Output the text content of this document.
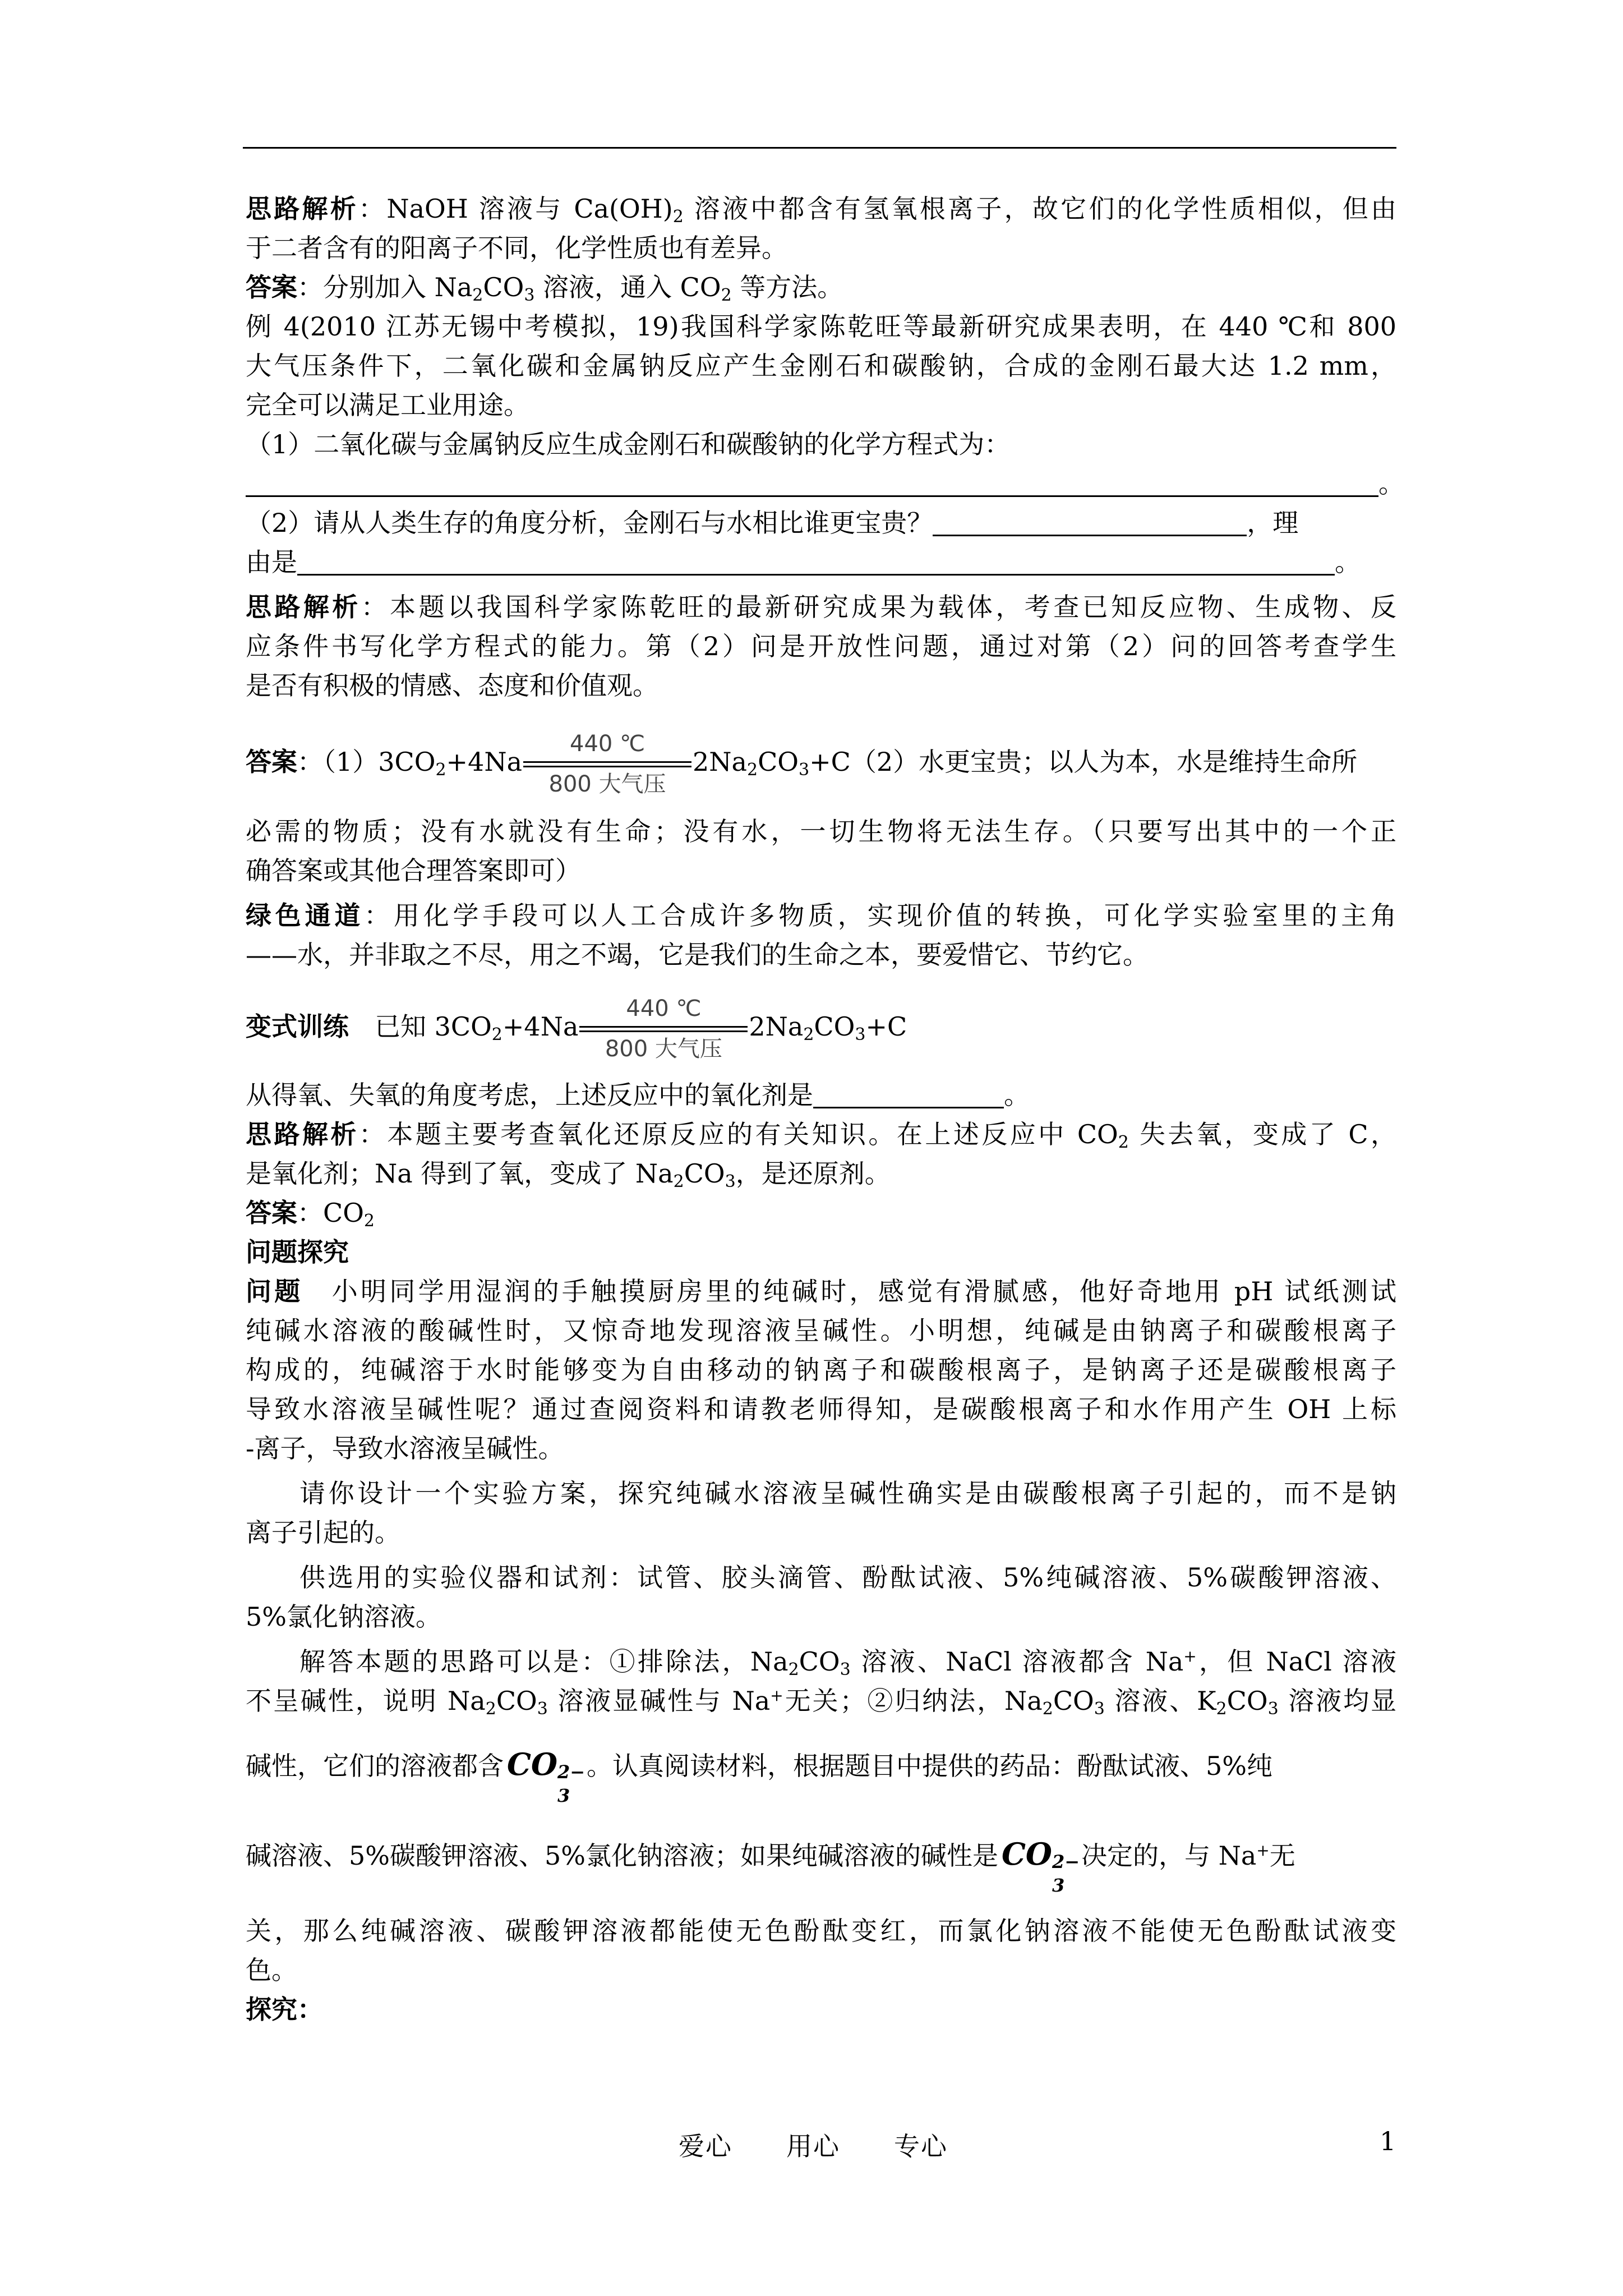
思路解析：NaOH 溶液与 $Ca(OH)_2$ 溶液中都含有氢氧根离子，故它们的化学性质相似，但由
于二者含有的阳离子不同，化学性质也有差异。
答案：分别加入 $Na_2CO_3$ 溶液，通入 $CO_2$ 等方法。
例 4(2010 江苏无锡中考模拟，19)我国科学家陈乾旺等最新研究成果表明，在 440 ℃和 800
大气压条件下，二氧化碳和金属钠反应产生金刚石和碳酸钠，合成的金刚石最大达 1.2 mm，
完全可以满足工业用途。
（1）二氧化碳与金属钠反应生成金刚石和碳酸钠的化学方程式为：
。
（2）请从人类生存的角度分析，金刚石与水相比谁更宝贵？	，理
由是	。
思路解析：本题以我国科学家陈乾旺的最新研究成果为载体，考查已知反应物、生成物、反
应条件书写化学方程式的能力。第（2）问是开放性问题，通过对第（2）问的回答考查学生
是否有积极的情感、态度和价值观。
答案：$(1)3CO_2+4Na$
440 ℃
800 大气压
$2Na_2CO_3+C(2)$水更宝贵；以人为本，水是维持生命所
必需的物质；没有水就没有生命；没有水，一切生物将无法生存。（只要写出其中的一个正
确答案或其他合理答案即可）
绿色通道：用化学手段可以人工合成许多物质，实现价值的转换，可化学实验室里的主角
——水，并非取之不尽，用之不竭，它是我们的生命之本，要爱惜它、节约它。
变式训练　已知 $3CO_2+4Na$
440 ℃
800 大气压
$2Na_2CO_3+C$
从得氧、失氧的角度考虑，上述反应中的氧化剂是	。
思路解析：本题主要考查氧化还原反应的有关知识。在上述反应中 $CO_2$ 失去氧，变成了 C，
是氧化剂；Na 得到了氧，变成了 $Na_2CO_3$，是还原剂。
答案：$CO_2$
问题探究
问题　小明同学用湿润的手触摸厨房里的纯碱时，感觉有滑腻感，他好奇地用 pH 试纸测试
纯碱水溶液的酸碱性时，又惊奇地发现溶液呈碱性。小明想，纯碱是由钠离子和碳酸根离子
构成的，纯碱溶于水时能够变为自由移动的钠离子和碳酸根离子，是钠离子还是碳酸根离子
导致水溶液呈碱性呢？通过查阅资料和请教老师得知，是碳酸根离子和水作用产生 OH 上标
-离子，导致水溶液呈碱性。
请你设计一个实验方案，探究纯碱水溶液呈碱性确实是由碳酸根离子引起的，而不是钠
离子引起的。
供选用的实验仪器和试剂：试管、胶头滴管、酚酞试液、5%纯碱溶液、5%碳酸钾溶液、
5%氯化钠溶液。
解答本题的思路可以是：①排除法，$Na_2CO_3$ 溶液、NaCl 溶液都含 Na+，但 NaCl 溶液
不呈碱性，说明 $Na_2CO_3$ 溶液显碱性与 Na+无关；②归纳法，$Na_2CO_3$ 溶液、$K_2CO_3$ 溶液均显
碱性，它们的溶液都含 CO 2−
3
。认真阅读材料，根据题目中提供的药品：酚酞试液、5%纯
碱溶液、5%碳酸钾溶液、5%氯化钠溶液；如果纯碱溶液的碱性是 CO 2−
3
决定的，与 Na+无
关，那么纯碱溶液、碳酸钾溶液都能使无色酚酞变红，而氯化钠溶液不能使无色酚酞试液变
色。
探究：
爱心　　用心　　专心	1
